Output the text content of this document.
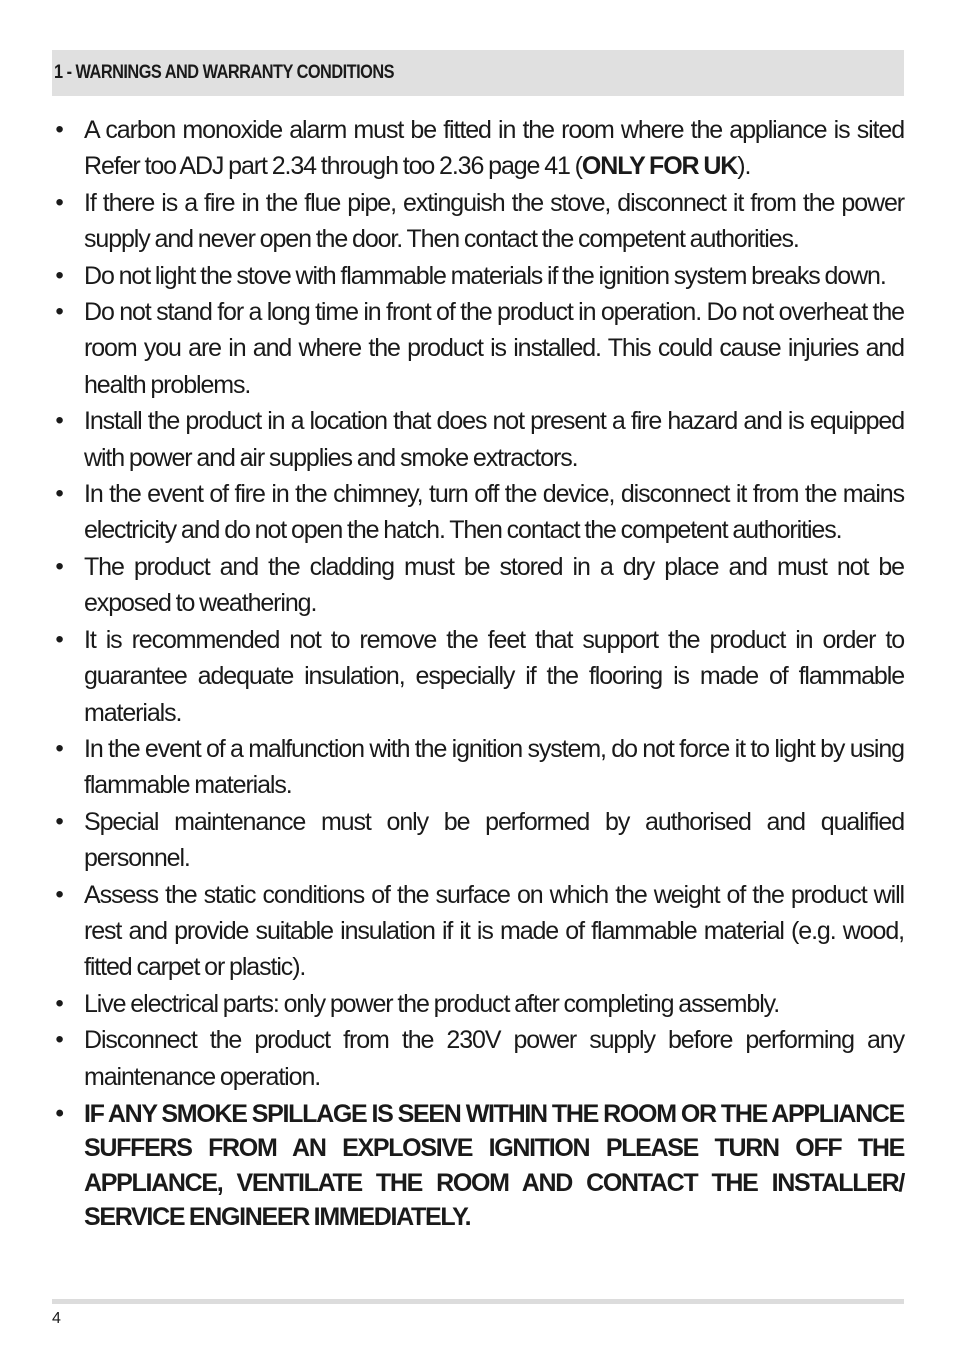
1 - WARNINGS AND WARRANTY CONDITIONS
• A carbon monoxide alarm must be fitted in the room where the appliance is sited Refer too ADJ part 2.34 through too 2.36 page 41 (ONLY FOR UK).
• If there is a fire in the flue pipe, extinguish the stove, disconnect it from the power supply and never open the door. Then contact the competent authorities.
• Do not light the stove with flammable materials if the ignition system breaks down.
• Do not stand for a long time in front of the product in operation. Do not overheat the room you are in and where the product is installed. This could cause injuries and health problems.
• Install the product in a location that does not present a fire hazard and is equipped with power and air supplies and smoke extractors.
• In the event of fire in the chimney, turn off the device, disconnect it from the mains electricity and do not open the hatch. Then contact the competent authorities.
• The product and the cladding must be stored in a dry place and must not be exposed to weathering.
• It is recommended not to remove the feet that support the product in order to guarantee adequate insulation, especially if the flooring is made of flammable materials.
• In the event of a malfunction with the ignition system, do not force it to light by using flammable materials.
• Special maintenance must only be performed by authorised and qualified personnel.
• Assess the static conditions of the surface on which the weight of the product will rest and provide suitable insulation if it is made of flammable material (e.g. wood, fitted carpet or plastic).
• Live electrical parts: only power the product after completing assembly.
• Disconnect the product from the 230V power supply before performing any maintenance operation.
• IF ANY SMOKE SPILLAGE IS SEEN WITHIN THE ROOM OR THE APPLIANCE SUFFERS FROM AN EXPLOSIVE IGNITION PLEASE TURN OFF THE APPLIANCE, VENTILATE THE ROOM AND CONTACT THE INSTALLER/ SERVICE ENGINEER IMMEDIATELY.
4
